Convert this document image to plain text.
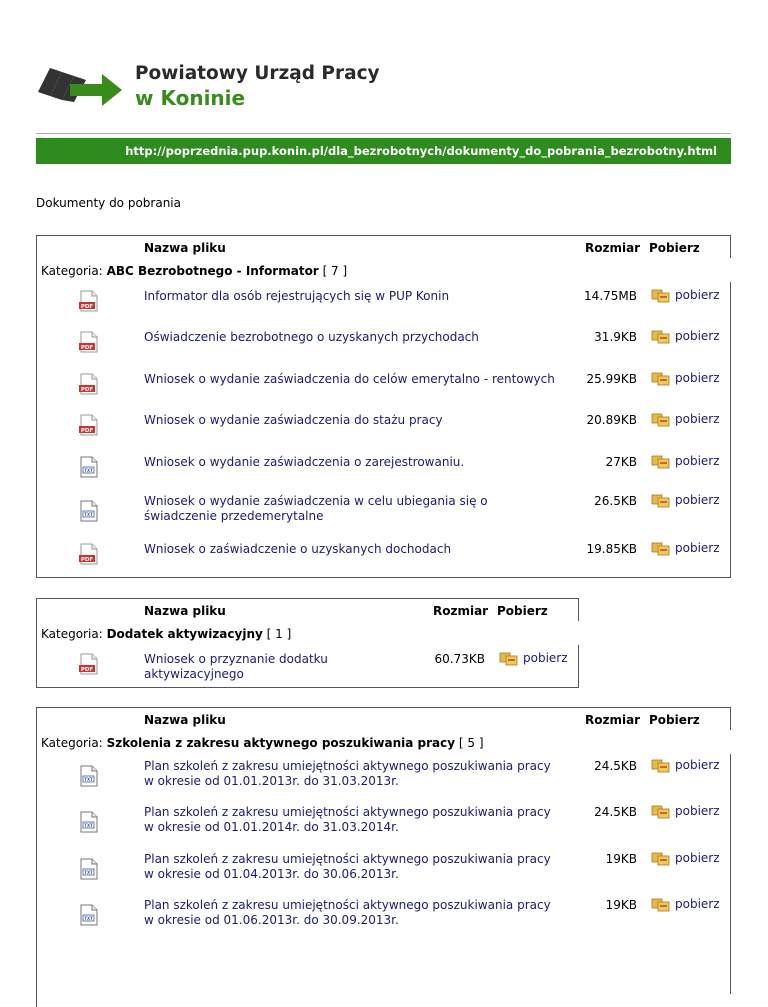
Powiatowy Urząd Pracy
w Koninie
http://poprzednia.pup.konin.pl/dla_bezrobotnych/dokumenty_do_pobrania_bezrobotny.html
Dokumenty do pobrania
Nazwa pliku	Rozmiar Pobierz
Kategoria: ABC Bezrobotnego - Informator [ 7 ]
PDF
Informator dla osób rejestrujących się w PUP Konin	14.75MB	pobierz
PDF
Oświadczenie bezrobotnego o uzyskanych przychodach	31.9KB	pobierz
PDF
Wniosek o wydanie zaświadczenia do celów emerytalno - rentowych	25.99KB	pobierz
PDF
Wniosek o wydanie zaświadczenia do stażu pracy	20.89KB	pobierz
TXT
Wniosek o wydanie zaświadczenia o zarejestrowaniu.	27KB	pobierz
TXT
Wniosek o wydanie zaświadczenia w celu ubiegania się o świadczenie przedemerytalne
26.5KB	pobierz
PDF
Wniosek o zaświadczenie o uzyskanych dochodach	19.85KB	pobierz
Nazwa pliku	Rozmiar Pobierz
Kategoria: Dodatek aktywizacyjny [ 1 ]
PDF
Wniosek o przyznanie dodatku aktywizacyjnego
60.73KB	pobierz
Nazwa pliku	Rozmiar Pobierz
Kategoria: Szkolenia z zakresu aktywnego poszukiwania pracy [ 5 ]
TXT
Plan szkoleń z zakresu umiejętności aktywnego poszukiwania pracy w okresie od 01.01.2013r. do 31.03.2013r.
24.5KB	pobierz
TXT
Plan szkoleń z zakresu umiejętności aktywnego poszukiwania pracy w okresie od 01.01.2014r. do 31.03.2014r.
24.5KB	pobierz
TXT
Plan szkoleń z zakresu umiejętności aktywnego poszukiwania pracy w okresie od 01.04.2013r. do 30.06.2013r.
19KB	pobierz
TXT
Plan szkoleń z zakresu umiejętności aktywnego poszukiwania pracy w okresie od 01.06.2013r. do 30.09.2013r.
19KB	pobierz
